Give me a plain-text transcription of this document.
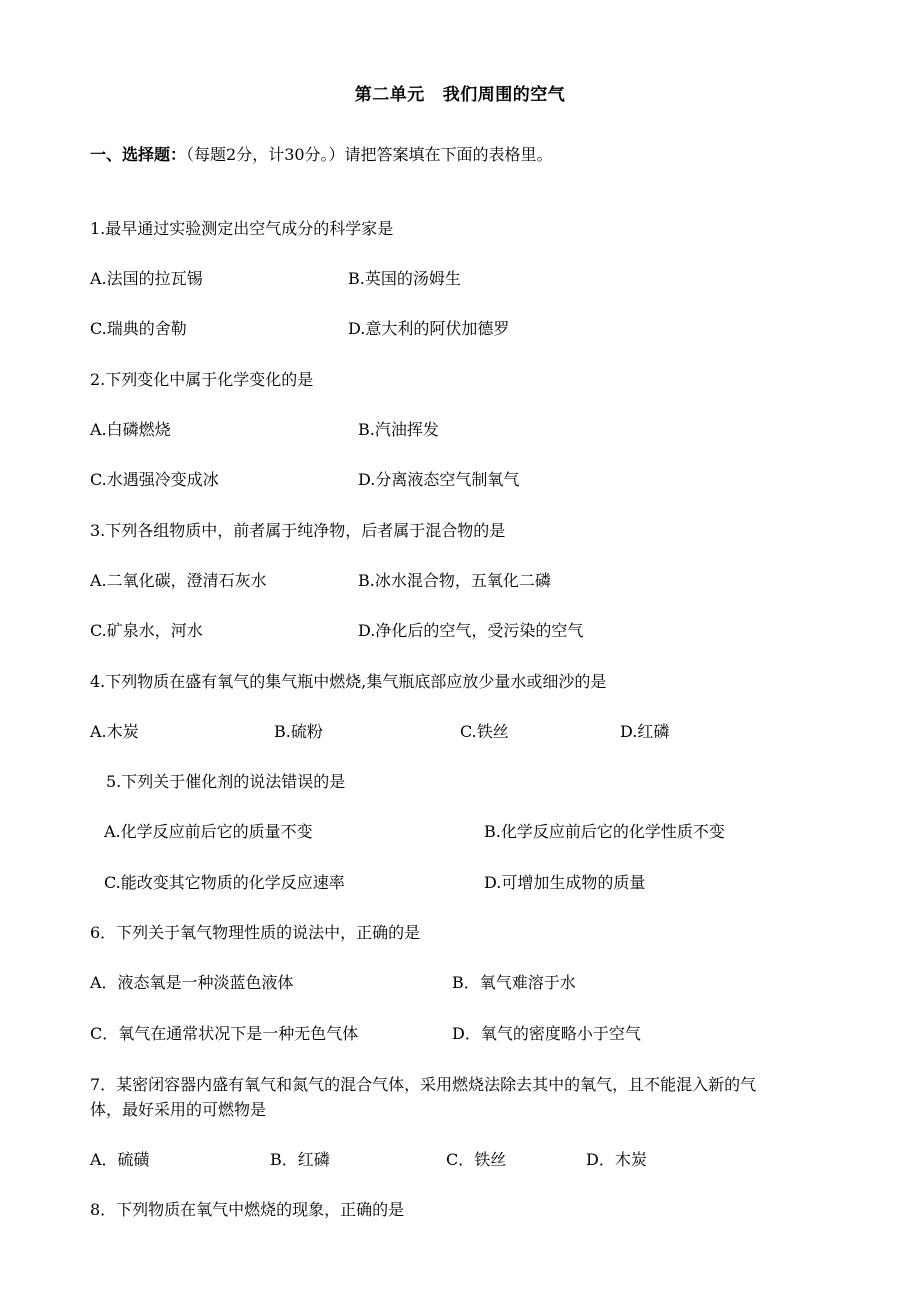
第二单元 我们周围的空气
一、选择题：（每题2分，计30分。）请把答案填在下面的表格里。
1.最早通过实验测定出空气成分的科学家是
A.法国的拉瓦锡	B.英国的汤姆生
C.瑞典的舍勒	D.意大利的阿伏加德罗
2.下列变化中属于化学变化的是
A.白磷燃烧	B.汽油挥发
C.水遇强冷变成冰	D.分离液态空气制氧气
3.下列各组物质中，前者属于纯净物，后者属于混合物的是
A.二氧化碳，澄清石灰水	B.冰水混合物，五氧化二磷
C.矿泉水，河水	D.净化后的空气，受污染的空气
4.下列物质在盛有氧气的集气瓶中燃烧,集气瓶底部应放少量水或细沙的是
A.木炭	B.硫粉	C.铁丝	D.红磷
5.下列关于催化剂的说法错误的是
A.化学反应前后它的质量不变	B.化学反应前后它的化学性质不变
C.能改变其它物质的化学反应速率	D.可增加生成物的质量
6．下列关于氧气物理性质的说法中，正确的是
A．液态氧是一种淡蓝色液体	B．氧气难溶于水
C．氧气在通常状况下是一种无色气体	D．氧气的密度略小于空气
7．某密闭容器内盛有氧气和氮气的混合气体，采用燃烧法除去其中的氧气，且不能混入新的气
体，最好采用的可燃物是
A．硫磺	B．红磷	C．铁丝	D．木炭
8．下列物质在氧气中燃烧的现象，正确的是
